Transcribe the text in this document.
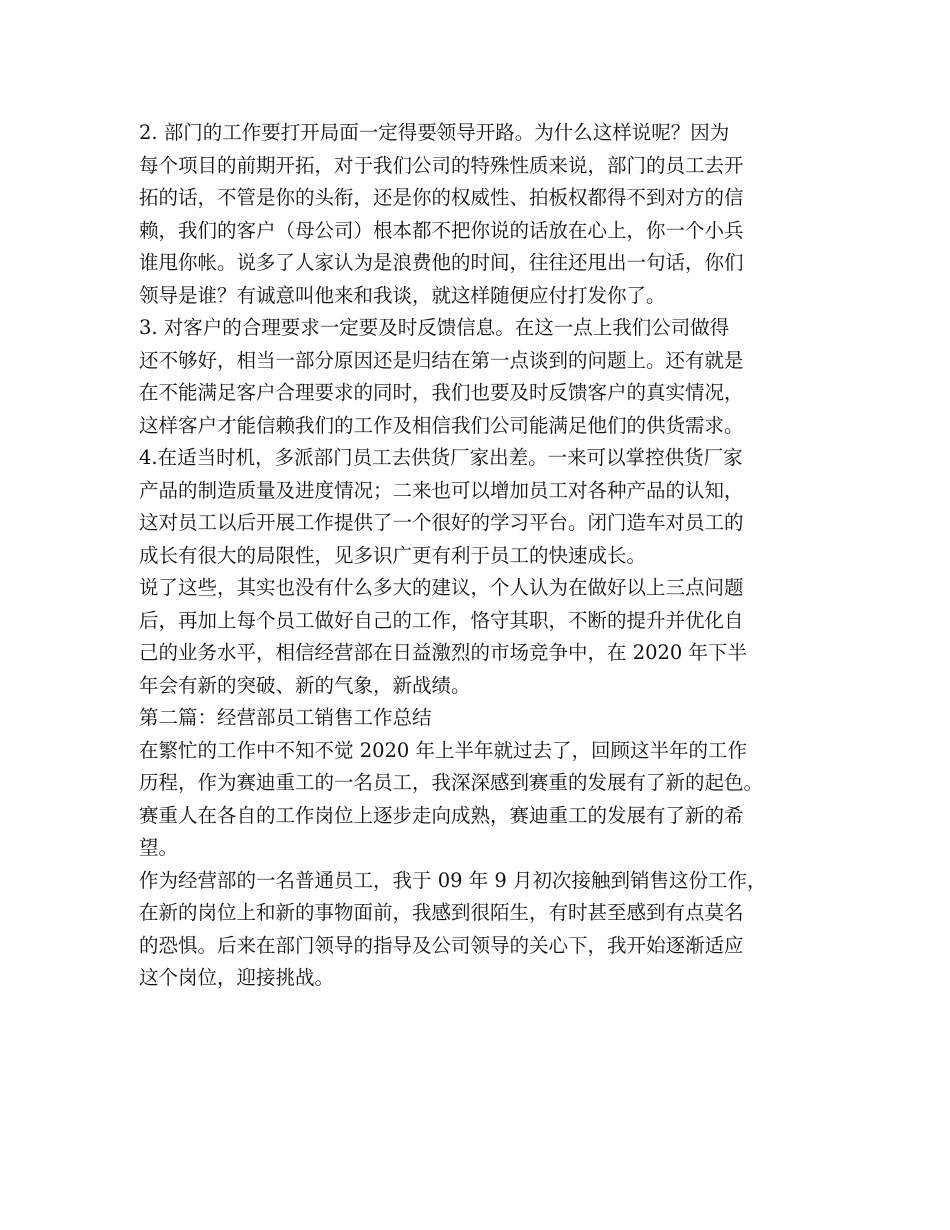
2. 部门的工作要打开局面一定得要领导开路。为什么这样说呢？因为
每个项目的前期开拓，对于我们公司的特殊性质来说，部门的员工去开
拓的话，不管是你的头衔，还是你的权威性、拍板权都得不到对方的信
赖，我们的客户（母公司）根本都不把你说的话放在心上，你一个小兵
谁甩你帐。说多了人家认为是浪费他的时间，往往还甩出一句话，你们
领导是谁？有诚意叫他来和我谈，就这样随便应付打发你了。
3. 对客户的合理要求一定要及时反馈信息。在这一点上我们公司做得
还不够好，相当一部分原因还是归结在第一点谈到的问题上。还有就是
在不能满足客户合理要求的同时，我们也要及时反馈客户的真实情况，
这样客户才能信赖我们的工作及相信我们公司能满足他们的供货需求。
4.在适当时机，多派部门员工去供货厂家出差。一来可以掌控供货厂家
产品的制造质量及进度情况；二来也可以增加员工对各种产品的认知，
这对员工以后开展工作提供了一个很好的学习平台。闭门造车对员工的
成长有很大的局限性，见多识广更有利于员工的快速成长。
说了这些，其实也没有什么多大的建议，个人认为在做好以上三点问题
后，再加上每个员工做好自己的工作，恪守其职，不断的提升并优化自
己的业务水平，相信经营部在日益激烈的市场竞争中，在 2020 年下半
年会有新的突破、新的气象，新战绩。
第二篇：经营部员工销售工作总结
在繁忙的工作中不知不觉 2020 年上半年就过去了，回顾这半年的工作
历程，作为赛迪重工的一名员工，我深深感到赛重的发展有了新的起色。
赛重人在各自的工作岗位上逐步走向成熟，赛迪重工的发展有了新的希
望。
作为经营部的一名普通员工，我于 09 年 9 月初次接触到销售这份工作，
在新的岗位上和新的事物面前，我感到很陌生，有时甚至感到有点莫名
的恐惧。后来在部门领导的指导及公司领导的关心下，我开始逐渐适应
这个岗位，迎接挑战。
